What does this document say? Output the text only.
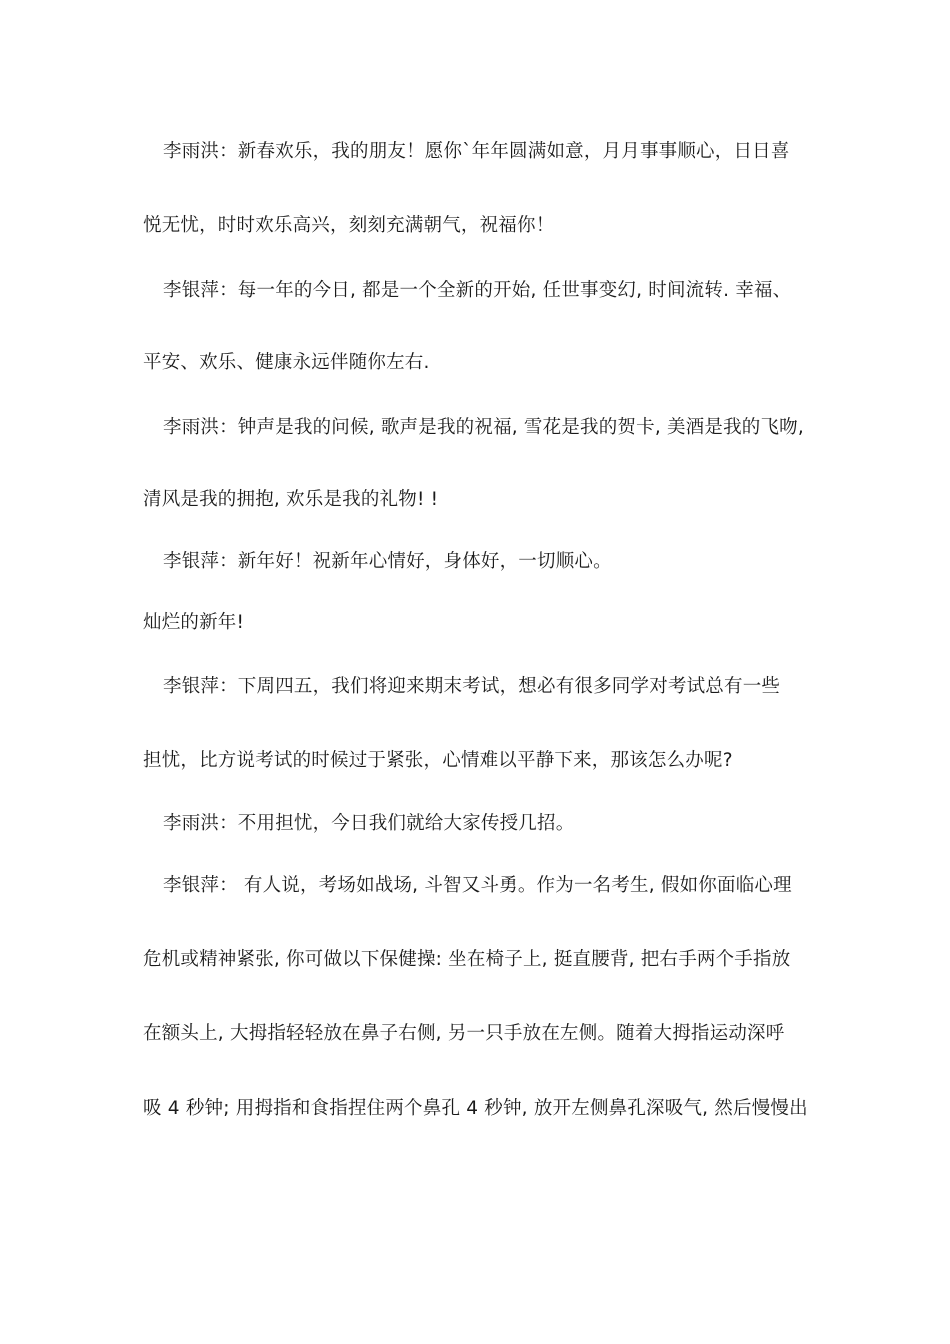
李雨洪：新春欢乐，我的朋友！愿你`年年圆满如意，月月事事顺心，日日喜
悦无忧，时时欢乐高兴，刻刻充满朝气，祝福你！
李银萍：每一年的今日, 都是一个全新的开始, 任世事变幻, 时间流转. 幸福、
平安、欢乐、健康永远伴随你左右.
李雨洪：钟声是我的问候, 歌声是我的祝福, 雪花是我的贺卡, 美酒是我的飞吻,
清风是我的拥抱, 欢乐是我的礼物! !
李银萍：新年好！祝新年心情好，身体好，一切顺心。
灿烂的新年!
李银萍：下周四五，我们将迎来期末考试，想必有很多同学对考试总有一些
担忧，比方说考试的时候过于紧张，心情难以平静下来，那该怎么办呢?
李雨洪：不用担忧，今日我们就给大家传授几招。
李银萍： 有人说，考场如战场, 斗智又斗勇。作为一名考生, 假如你面临心理
危机或精神紧张, 你可做以下保健操: 坐在椅子上, 挺直腰背, 把右手两个手指放
在额头上, 大拇指轻轻放在鼻子右侧, 另一只手放在左侧。随着大拇指运动深呼
吸 4 秒钟; 用拇指和食指捏住两个鼻孔 4 秒钟, 放开左侧鼻孔深吸气, 然后慢慢出
